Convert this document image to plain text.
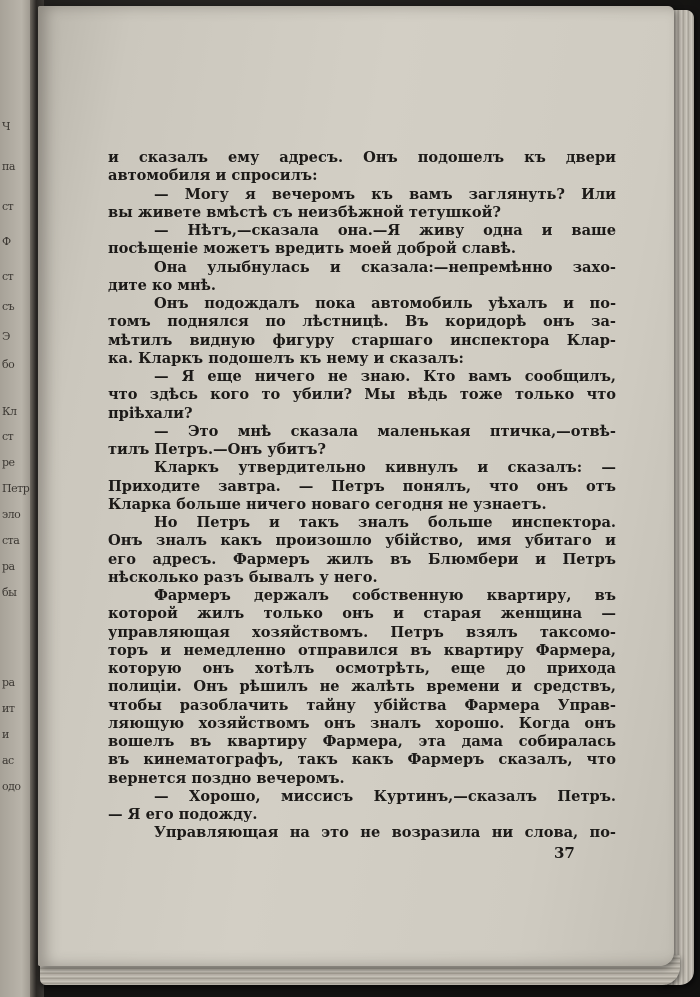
Ч
па
ст
Ф
ст
съ
Э
бо
Кл
ст
ре
Петр
эло
ста
ра
бы
ра
ит
и
ас
одо
и сказалъ ему адресъ. Онъ подошелъ къ двери
автомобиля и спросилъ:
— Могу я вечеромъ къ вамъ заглянуть? Или
вы живете вмѣстѣ съ неизбѣжной тетушкой?
— Нѣтъ,—сказала она.—Я живу одна и ваше
посѣщеніе можетъ вредить моей доброй славѣ.
Она улыбнулась и сказала:—непремѣнно захо-
дите ко мнѣ.
Онъ подождалъ пока автомобиль уѣхалъ и по-
томъ поднялся по лѣстницѣ. Въ коридорѣ онъ за-
мѣтилъ видную фигуру старшаго инспектора Клар-
ка. Кларкъ подошелъ къ нему и сказалъ:
— Я еще ничего не знаю. Кто вамъ сообщилъ,
что здѣсь кого то убили? Мы вѣдь тоже только что
пріѣхали?
— Это мнѣ сказала маленькая птичка,—отвѣ-
тилъ Петръ.—Онъ убитъ?
Кларкъ утвердительно кивнулъ и сказалъ: —
Приходите завтра. — Петръ понялъ, что онъ отъ
Кларка больше ничего новаго сегодня не узнаетъ.
Но Петръ и такъ зналъ больше инспектора.
Онъ зналъ какъ произошло убійство, имя убитаго и
его адресъ. Фармеръ жилъ въ Блюмбери и Петръ
нѣсколько разъ бывалъ у него.
Фармеръ держалъ собственную квартиру, въ
которой жилъ только онъ и старая женщина —
управляющая хозяйствомъ. Петръ взялъ таксомо-
торъ и немедленно отправился въ квартиру Фармера,
которую онъ хотѣлъ осмотрѣть, еще до прихода
полиціи. Онъ рѣшилъ не жалѣть времени и средствъ,
чтобы разоблачить тайну убійства Фармера Управ-
ляющую хозяйствомъ онъ зналъ хорошо. Когда онъ
вошелъ въ квартиру Фармера, эта дама собиралась
въ кинематографъ, такъ какъ Фармеръ сказалъ, что
вернется поздно вечеромъ.
— Хорошо, миссисъ Куртинъ,—сказалъ Петръ.
— Я его подожду.
Управляющая на это не возразила ни слова, по-
37
